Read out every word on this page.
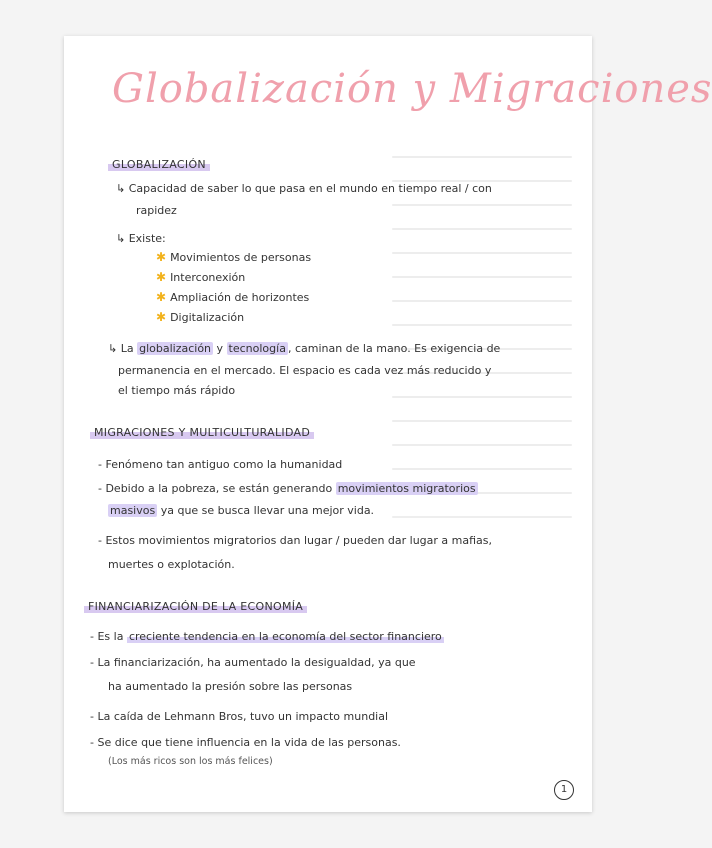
Globalización y Migraciones
GLOBALIZACIÓN
↳ Capacidad de saber lo que pasa en el mundo en tiempo real / con
rapidez
↳ Existe:
✱ Movimientos de personas
✱ Interconexión
✱ Ampliación de horizontes
✱ Digitalización
↳ La globalización y tecnología , caminan de la mano. Es exigencia de
permanencia en el mercado. El espacio es cada vez más reducido y
el tiempo más rápido
MIGRACIONES Y MULTICULTURALIDAD
- Fenómeno tan antiguo como la humanidad
- Debido a la pobreza, se están generando movimientos migratorios
masivos ya que se busca llevar una mejor vida.
- Estos movimientos migratorios dan lugar / pueden dar lugar a mafias,
muertes o explotación.
FINANCIARIZACIÓN DE LA ECONOMÍA
- Es la creciente tendencia en la economía del sector financiero
- La financiarización, ha aumentado la desigualdad, ya que
ha aumentado la presión sobre las personas
- La caída de Lehmann Bros, tuvo un impacto mundial
- Se dice que tiene influencia en la vida de las personas.
(Los más ricos son los más felices)
1
